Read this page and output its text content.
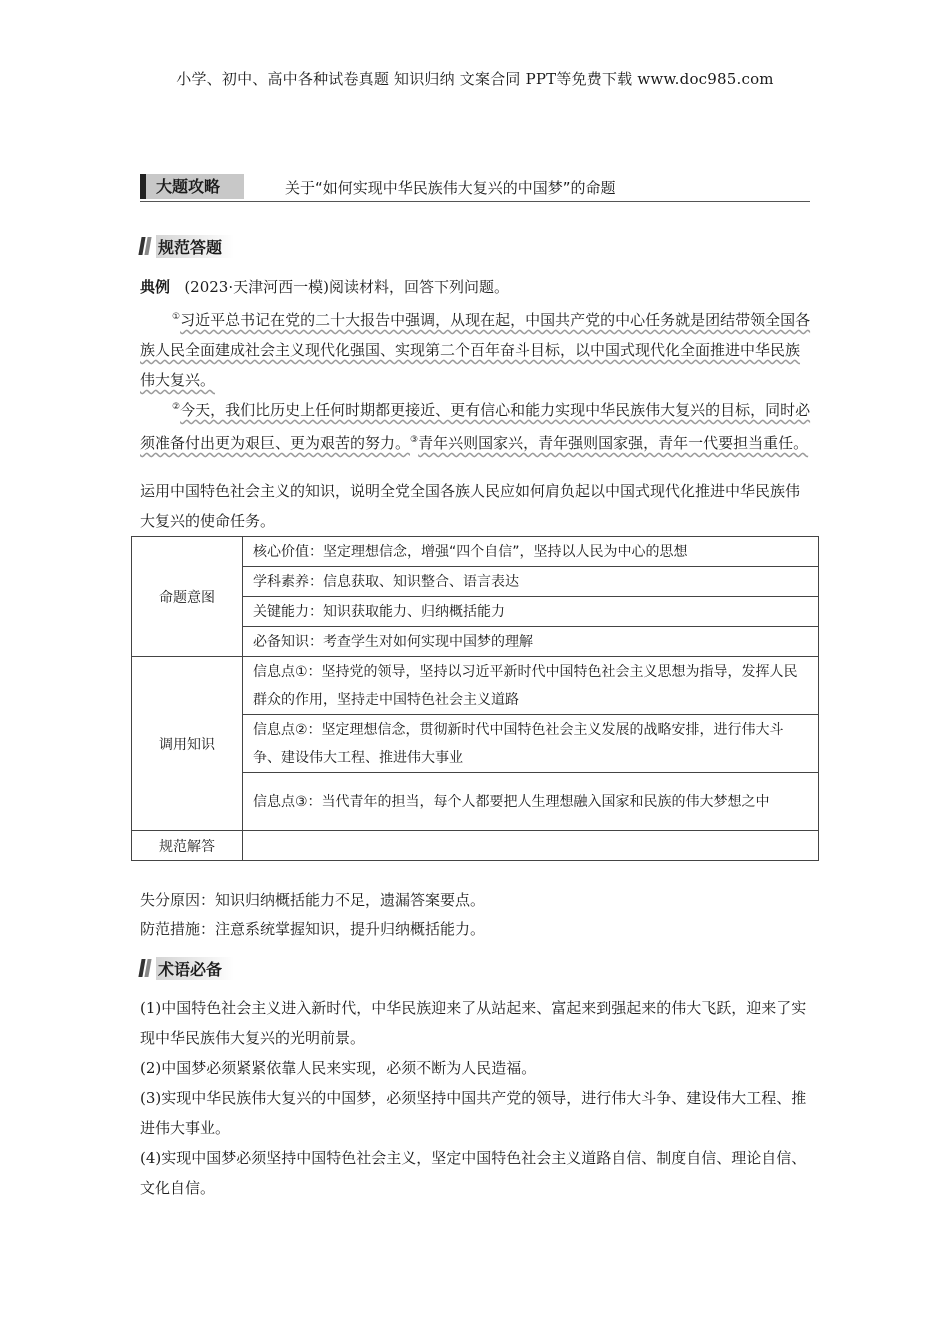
小学、初中、高中各种试卷真题 知识归纳 文案合同 PPT等免费下载 www.doc985.com
大题攻略	关于“如何实现中华民族伟大复兴的中国梦”的命题
规范答题
典例 (2023·天津河西一模)阅读材料，回答下列问题。
①习近平总书记在党的二十大报告中强调，从现在起，中国共产党的中心任务就是团结带领全国各族人民全面建成社会主义现代化强国、实现第二个百年奋斗目标，以中国式现代化全面推进中华民族伟大复兴。
②今天，我们比历史上任何时期都更接近、更有信心和能力实现中华民族伟大复兴的目标，同时必须准备付出更为艰巨、更为艰苦的努力。③青年兴则国家兴，青年强则国家强，青年一代要担当重任。
运用中国特色社会主义的知识，说明全党全国各族人民应如何肩负起以中国式现代化推进中华民族伟大复兴的使命任务。
命题意图	核心价值：坚定理想信念，增强“四个自信”，坚持以人民为中心的思想
	学科素养：信息获取、知识整合、语言表达
	关键能力：知识获取能力、归纳概括能力
	必备知识：考查学生对如何实现中国梦的理解
调用知识	信息点①：坚持党的领导，坚持以习近平新时代中国特色社会主义思想为指导，发挥人民群众的作用，坚持走中国特色社会主义道路
	信息点②：坚定理想信念，贯彻新时代中国特色社会主义发展的战略安排，进行伟大斗争、建设伟大工程、推进伟大事业
	信息点③：当代青年的担当，每个人都要把人生理想融入国家和民族的伟大梦想之中
规范解答	
失分原因：知识归纳概括能力不足，遗漏答案要点。
防范措施：注意系统掌握知识，提升归纳概括能力。
术语必备
(1)中国特色社会主义进入新时代，中华民族迎来了从站起来、富起来到强起来的伟大飞跃，迎来了实现中华民族伟大复兴的光明前景。
(2)中国梦必须紧紧依靠人民来实现，必须不断为人民造福。
(3)实现中华民族伟大复兴的中国梦，必须坚持中国共产党的领导，进行伟大斗争、建设伟大工程、推进伟大事业。
(4)实现中国梦必须坚持中国特色社会主义，坚定中国特色社会主义道路自信、制度自信、理论自信、文化自信。
